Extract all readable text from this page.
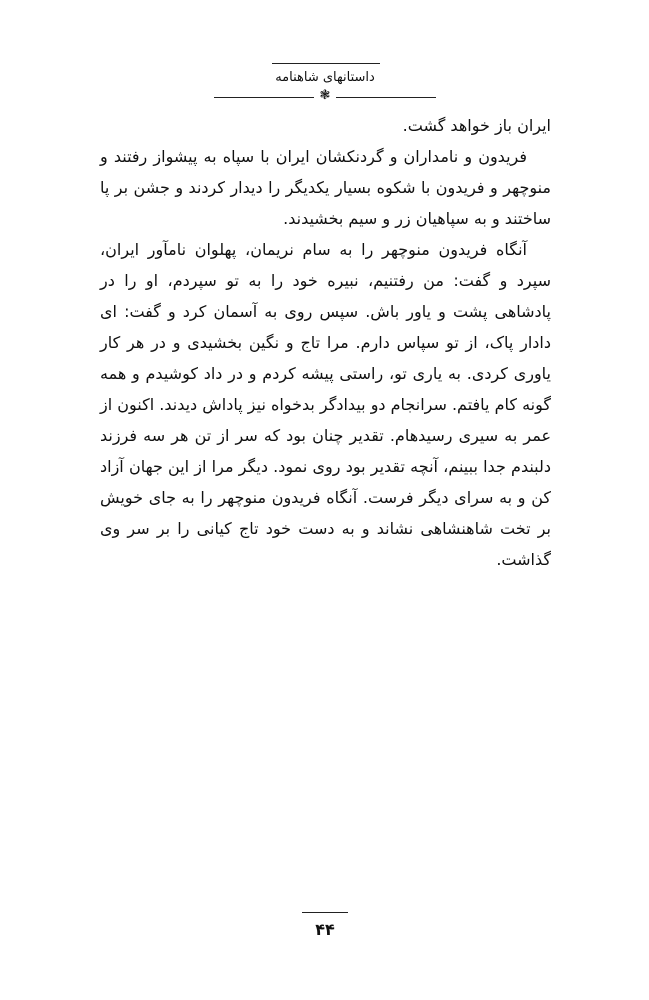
داستانهای شاهنامه
❃

ایران باز خواهد گشت.

فریدون و نامداران و گردنکشان ایران با سپاه به پیشواز رفتند و منوچهر و فریدون با شکوه بسیار یکدیگر را دیدار کردند و جشن بر پا ساختند و به سپاهیان زر و سیم بخشیدند.

آنگاه فریدون منوچهر را به سام نریمان، پهلوان نامآور ایران، سپرد و گفت: من رفتنیم، نبیره خود را به تو سپردم، او را در پادشاهی پشت و یاور باش. سپس روی به آسمان کرد و گفت: ای دادار پاک، از تو سپاس دارم. مرا تاج و نگین بخشیدی و در هر کار یاوری کردی. به یاری تو، راستی پیشه کردم و در داد کوشیدم و همه گونه کام یافتم. سرانجام دو بیدادگر بدخواه نیز پاداش دیدند. اکنون از عمر به سیری رسیدهام. تقدیر چنان بود که سر از تن هر سه فرزند دلبندم جدا ببینم، آنچه تقدیر بود روی نمود. دیگر مرا از این جهان آزاد کن و به سرای دیگر فرست. آنگاه فریدون منوچهر را به جای خویش بر تخت شاهنشاهی نشاند و به دست خود تاج کیانی را بر سر وی گذاشت.

۴۴
